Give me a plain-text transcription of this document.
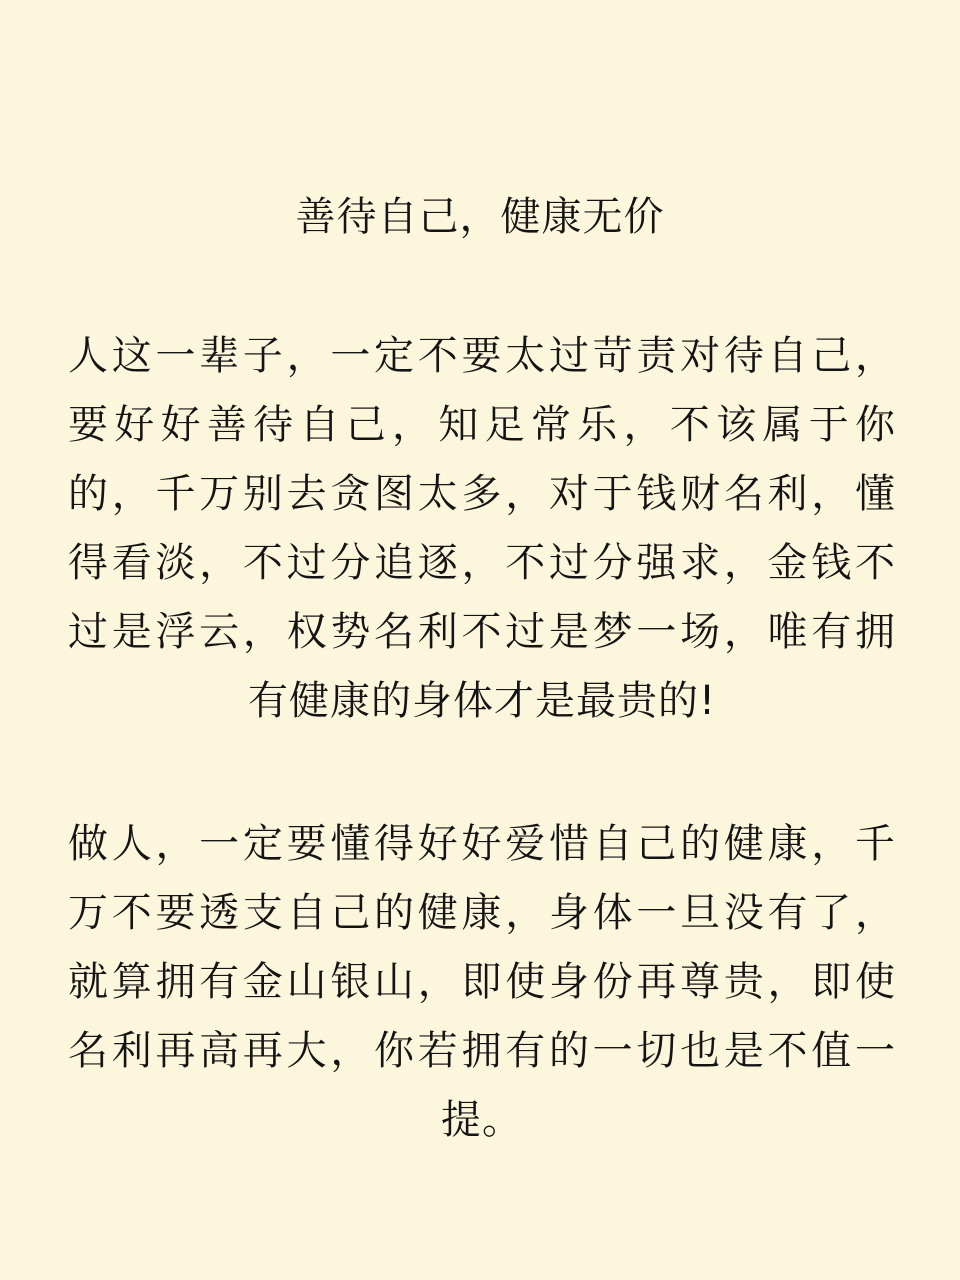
善待自己，健康无价
人这一辈子，一定不要太过苛责对待自己，
要好好善待自己，知足常乐，不该属于你
的，千万别去贪图太多，对于钱财名利，懂
得看淡，不过分追逐，不过分强求，金钱不
过是浮云，权势名利不过是梦一场，唯有拥
有健康的身体才是最贵的!
做人，一定要懂得好好爱惜自己的健康，千
万不要透支自己的健康，身体一旦没有了，
就算拥有金山银山，即使身份再尊贵，即使
名利再高再大，你若拥有的一切也是不值一
提。
